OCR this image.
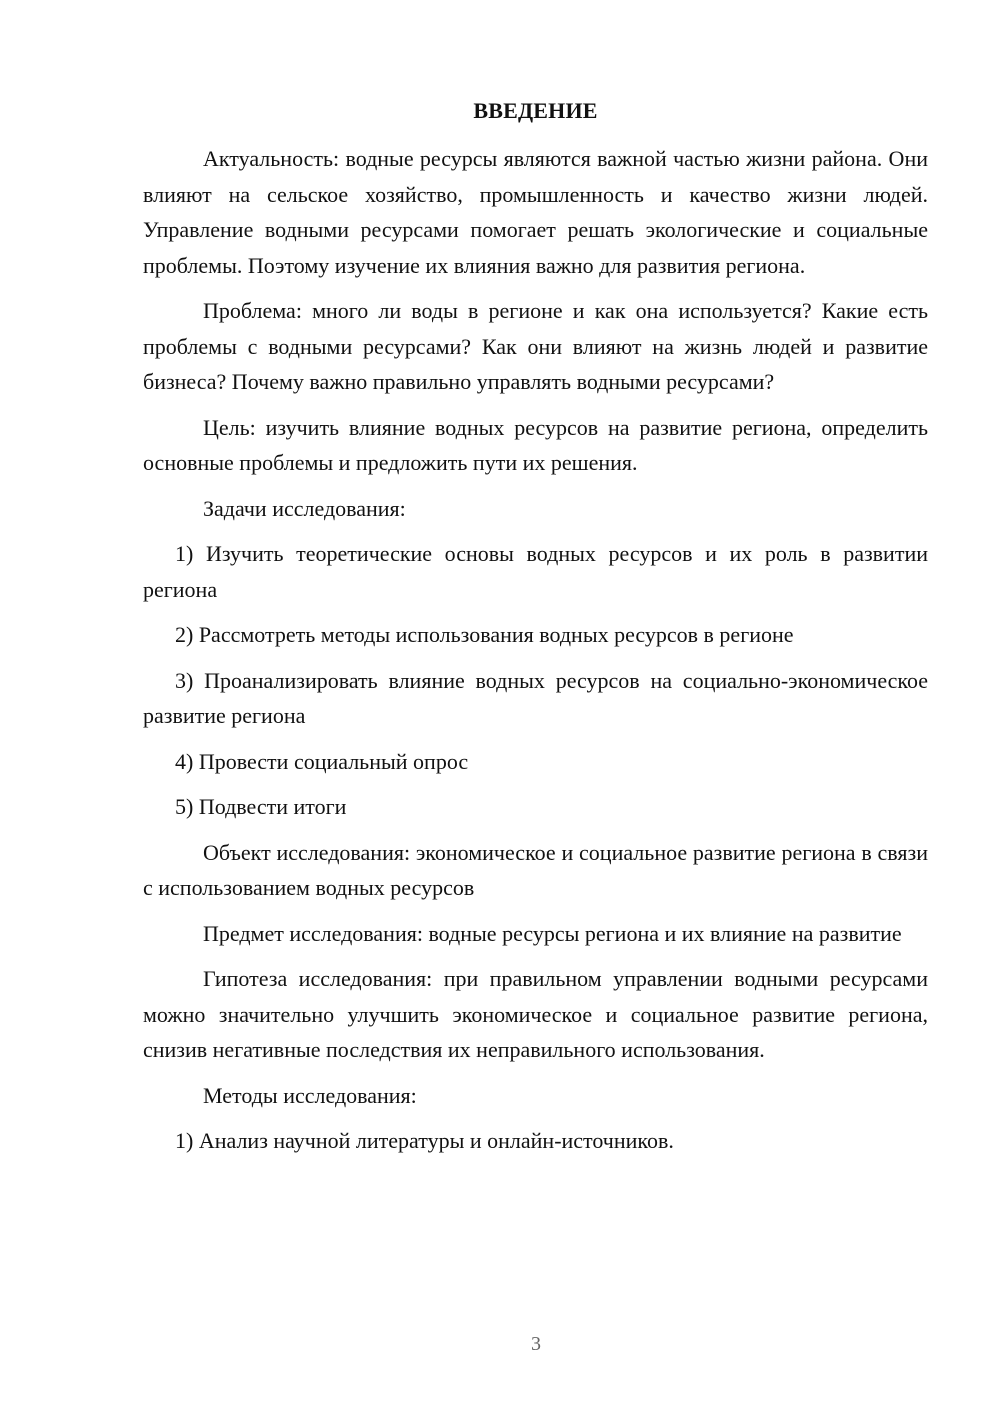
ВВЕДЕНИЕ

Актуальность: водные ресурсы являются важной частью жизни района. Они влияют на сельское хозяйство, промышленность и качество жизни людей. Управление водными ресурсами помогает решать экологические и социальные проблемы. Поэтому изучение их влияния важно для развития региона.

Проблема: много ли воды в регионе и как она используется? Какие есть проблемы с водными ресурсами? Как они влияют на жизнь людей и развитие бизнеса? Почему важно правильно управлять водными ресурсами?

Цель: изучить влияние водных ресурсов на развитие региона, определить основные проблемы и предложить пути их решения.

Задачи исследования:

1) Изучить теоретические основы водных ресурсов и их роль в развитии региона

2) Рассмотреть методы использования водных ресурсов в регионе

3) Проанализировать влияние водных ресурсов на социально-экономическое развитие региона

4) Провести социальный опрос

5) Подвести итоги

Объект исследования: экономическое и социальное развитие региона в связи с использованием водных ресурсов

Предмет исследования: водные ресурсы региона и их влияние на развитие

Гипотеза исследования: при правильном управлении водными ресурсами можно значительно улучшить экономическое и социальное развитие региона, снизив негативные последствия их неправильного использования.

Методы исследования:

1) Анализ научной литературы и онлайн-источников.

3
